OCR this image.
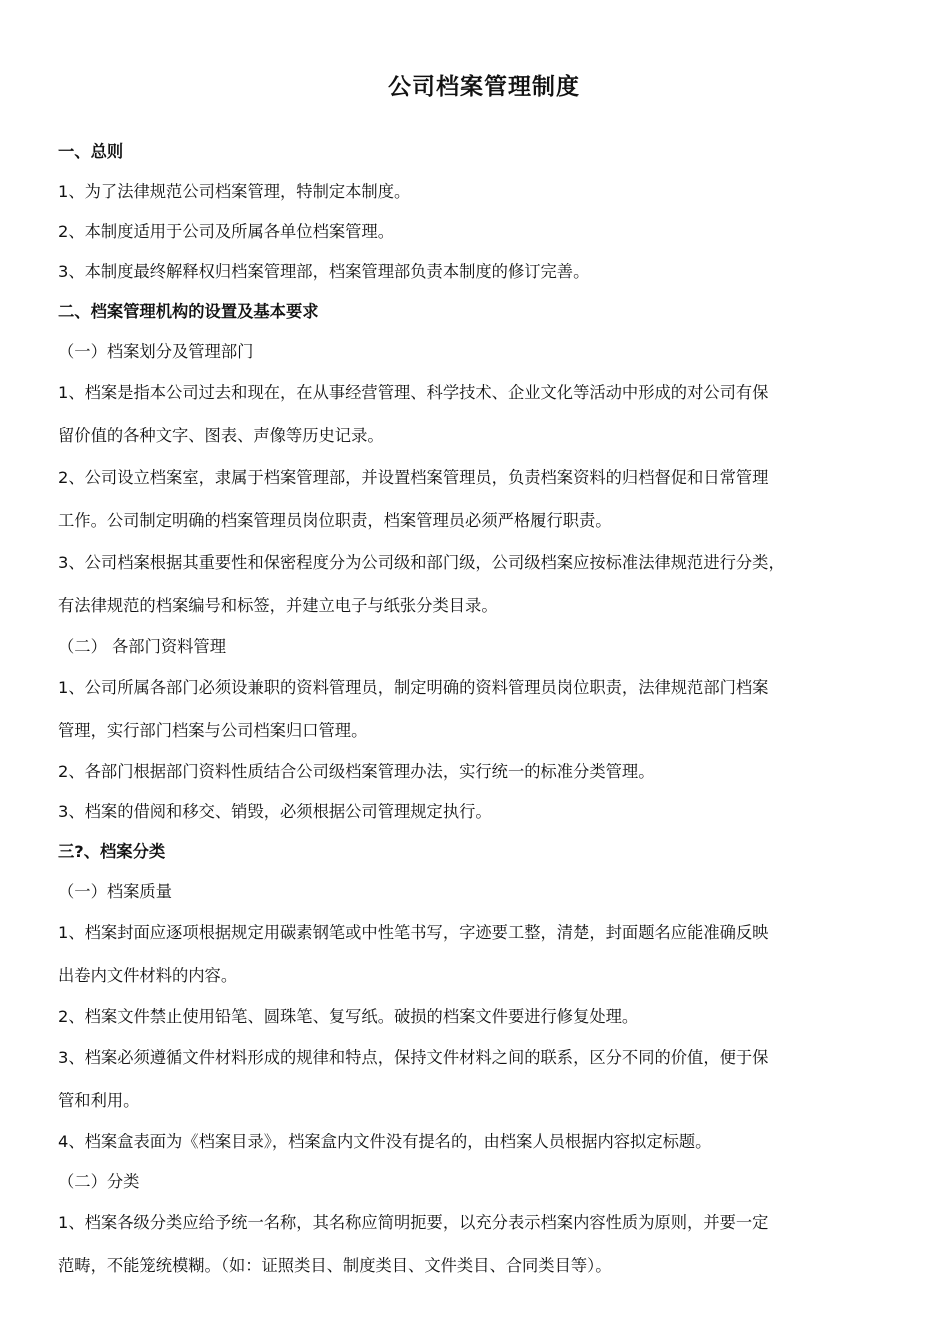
公司档案管理制度

一、总则

1、为了法律规范公司档案管理，特制定本制度。

2、本制度适用于公司及所属各单位档案管理。

3、本制度最终解释权归档案管理部，档案管理部负责本制度的修订完善。

二、档案管理机构的设置及基本要求

（一）档案划分及管理部门

1、档案是指本公司过去和现在，在从事经营管理、科学技术、企业文化等活动中形成的对公司有保

留价值的各种文字、图表、声像等历史记录。

2、公司设立档案室，隶属于档案管理部，并设置档案管理员，负责档案资料的归档督促和日常管理

工作。公司制定明确的档案管理员岗位职责，档案管理员必须严格履行职责。

3、公司档案根据其重要性和保密程度分为公司级和部门级，公司级档案应按标准法律规范进行分类，

有法律规范的档案编号和标签，并建立电子与纸张分类目录。

（二） 各部门资料管理

1、公司所属各部门必须设兼职的资料管理员，制定明确的资料管理员岗位职责，法律规范部门档案

管理，实行部门档案与公司档案归口管理。

2、各部门根据部门资料性质结合公司级档案管理办法，实行统一的标准分类管理。

3、档案的借阅和移交、销毁，必须根据公司管理规定执行。

三?、档案分类

（一）档案质量

1、档案封面应逐项根据规定用碳素钢笔或中性笔书写，字迹要工整，清楚，封面题名应能准确反映

出卷内文件材料的内容。

2、档案文件禁止使用铅笔、圆珠笔、复写纸。破损的档案文件要进行修复处理。

3、档案必须遵循文件材料形成的规律和特点，保持文件材料之间的联系，区分不同的价值，便于保

管和利用。

4、档案盒表面为《档案目录》，档案盒内文件没有提名的，由档案人员根据内容拟定标题。

（二）分类

1、档案各级分类应给予统一名称，其名称应简明扼要，以充分表示档案内容性质为原则，并要一定

范畴，不能笼统模糊。（如：证照类目、制度类目、文件类目、合同类目等）。
